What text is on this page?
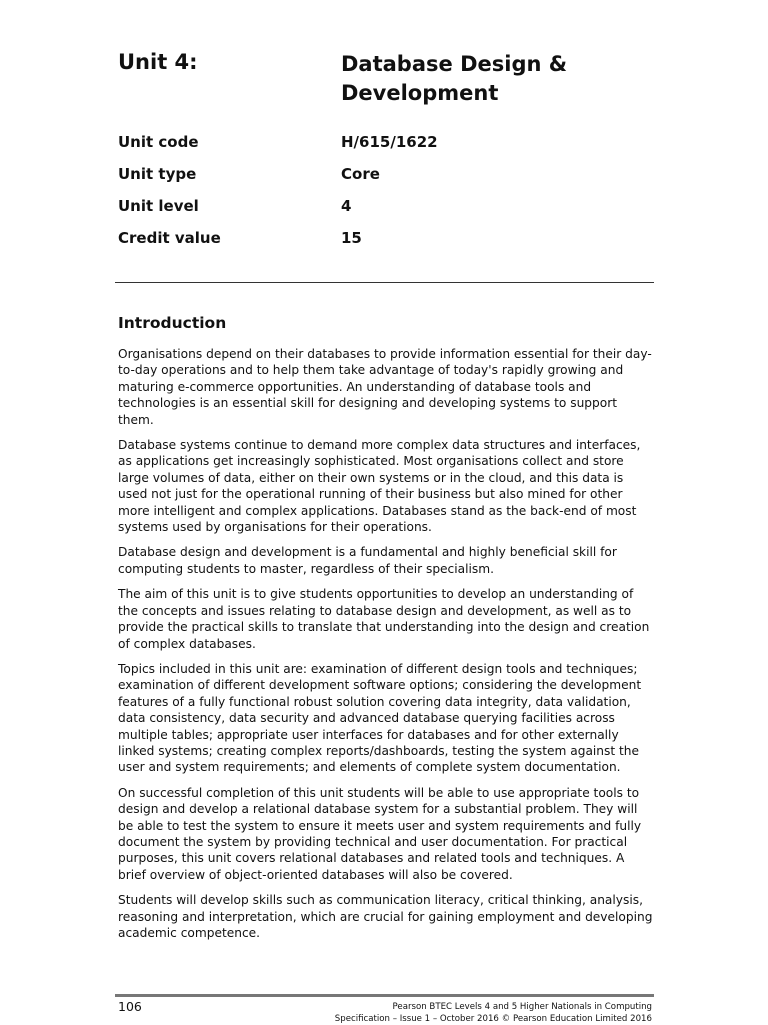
Unit 4:	Database Design & Development
Unit code	H/615/1622
Unit type	Core
Unit level	4
Credit value	15
Introduction

Organisations depend on their databases to provide information essential for their day-to-day operations and to help them take advantage of today's rapidly growing and maturing e-commerce opportunities. An understanding of database tools and technologies is an essential skill for designing and developing systems to support them.

Database systems continue to demand more complex data structures and interfaces, as applications get increasingly sophisticated. Most organisations collect and store large volumes of data, either on their own systems or in the cloud, and this data is used not just for the operational running of their business but also mined for other more intelligent and complex applications. Databases stand as the back-end of most systems used by organisations for their operations.

Database design and development is a fundamental and highly beneficial skill for computing students to master, regardless of their specialism.

The aim of this unit is to give students opportunities to develop an understanding of the concepts and issues relating to database design and development, as well as to provide the practical skills to translate that understanding into the design and creation of complex databases.

Topics included in this unit are: examination of different design tools and techniques; examination of different development software options; considering the development features of a fully functional robust solution covering data integrity, data validation, data consistency, data security and advanced database querying facilities across multiple tables; appropriate user interfaces for databases and for other externally linked systems; creating complex reports/dashboards, testing the system against the user and system requirements; and elements of complete system documentation.

On successful completion of this unit students will be able to use appropriate tools to design and develop a relational database system for a substantial problem. They will be able to test the system to ensure it meets user and system requirements and fully document the system by providing technical and user documentation. For practical purposes, this unit covers relational databases and related tools and techniques. A brief overview of object-oriented databases will also be covered.

Students will develop skills such as communication literacy, critical thinking, analysis, reasoning and interpretation, which are crucial for gaining employment and developing academic competence.

106	Pearson BTEC Levels 4 and 5 Higher Nationals in Computing
Specification – Issue 1 – October 2016 © Pearson Education Limited 2016
